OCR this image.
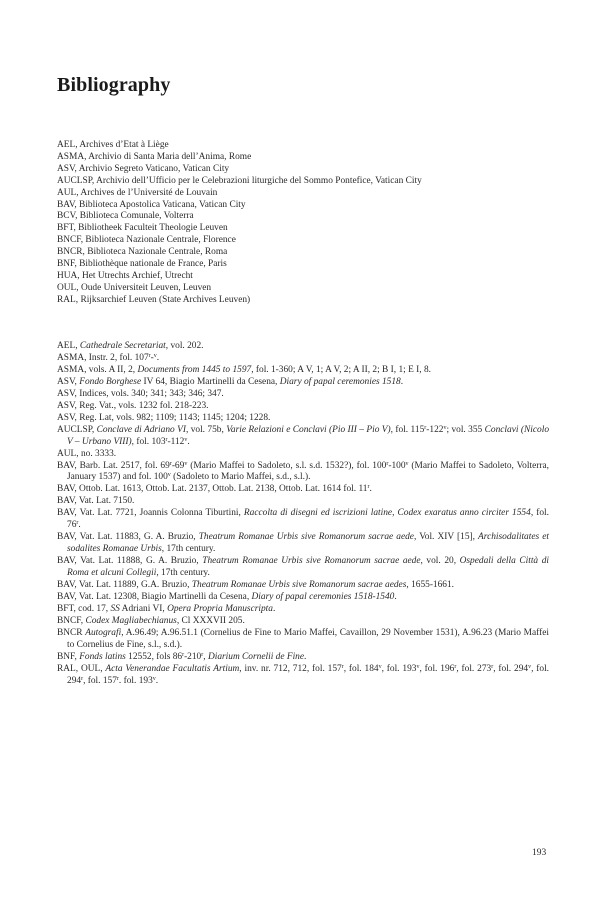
Bibliography
AEL, Archives d’Etat à Liège
ASMA, Archivio di Santa Maria dell’Anima, Rome
ASV, Archivio Segreto Vaticano, Vatican City
AUCLSP, Archivio dell’Ufficio per le Celebrazioni liturgiche del Sommo Pontefice, Vatican City
AUL, Archives de l’Université de Louvain
BAV, Biblioteca Apostolica Vaticana, Vatican City
BCV, Biblioteca Comunale, Volterra
BFT, Bibliotheek Faculteit Theologie Leuven
BNCF, Biblioteca Nazionale Centrale, Florence
BNCR, Biblioteca Nazionale Centrale, Roma
BNF, Bibliothèque nationale de France, Paris
HUA, Het Utrechts Archief, Utrecht
OUL, Oude Universiteit Leuven, Leuven
RAL, Rijksarchief Leuven (State Archives Leuven)
AEL, Cathedrale Secretariat, vol. 202.
ASMA, Instr. 2, fol. 107$^r$-$^v$.
ASMA, vols. A II, 2, Documents from 1445 to 1597, fol. 1-360; A V, 1; A V, 2; A II, 2; B I, 1; E I, 8.
ASV, Fondo Borghese IV 64, Biagio Martinelli da Cesena, Diary of papal ceremonies 1518.
ASV, Indices, vols. 340; 341; 343; 346; 347.
ASV, Reg. Vat., vols. 1232 fol. 218-223.
ASV, Reg. Lat, vols. 982; 1109; 1143; 1145; 1204; 1228.
AUCLSP, Conclave di Adriano VI, vol. 75b, Varie Relazioni e Conclavi (Pio III – Pio V), fol. 115$^r$-122$^v$; vol. 355 Conclavi (Nicolo V – Urbano VIII), fol. 103$^r$-112$^v$.
AUL, no. 3333.
BAV, Barb. Lat. 2517, fol. 69$^r$-69$^v$ (Mario Maffei to Sadoleto, s.l. s.d. 1532?), fol. 100$^r$-100$^v$ (Mario Maffei to Sadoleto, Volterra, January 1537) and fol. 100$^v$ (Sadoleto to Mario Maffei, s.d., s.l.).
BAV, Ottob. Lat. 1613, Ottob. Lat. 2137, Ottob. Lat. 2138, Ottob. Lat. 1614 fol. 11$^r$.
BAV, Vat. Lat. 7150.
BAV, Vat. Lat. 7721, Joannis Colonna Tiburtini, Raccolta di disegni ed iscrizioni latine, Codex exaratus anno circiter 1554, fol. 76$^r$.
BAV, Vat. Lat. 11883, G. A. Bruzio, Theatrum Romanae Urbis sive Romanorum sacrae aede, Vol. XIV [15], Archisodalitates et sodalites Romanae Urbis, 17th century.
BAV, Vat. Lat. 11888, G. A. Bruzio, Theatrum Romanae Urbis sive Romanorum sacrae aede, vol. 20, Ospedali della Città di Roma et alcuni Collegii, 17th century.
BAV, Vat. Lat. 11889, G.A. Bruzio, Theatrum Romanae Urbis sive Romanorum sacrae aedes, 1655-1661.
BAV, Vat. Lat. 12308, Biagio Martinelli da Cesena, Diary of papal ceremonies 1518-1540.
BFT, cod. 17, SS Adriani VI, Opera Propria Manuscripta.
BNCF, Codex Magliabechianus, Cl XXXVII 205.
BNCR Autografi, A.96.49; A.96.51.1 (Cornelius de Fine to Mario Maffei, Cavaillon, 29 November 1531), A.96.23 (Mario Maffei to Cornelius de Fine, s.l., s.d.).
BNF, Fonds latins 12552, fols 86$^r$-210$^r$, Diarium Cornelii de Fine.
RAL, OUL, Acta Venerandae Facultatis Artium, inv. nr. 712, 712, fol. 157$^r$, fol. 184$^v$, fol. 193$^v$, fol. 196$^r$, fol. 273$^r$, fol. 294$^v$, fol. 294$^r$, fol. 157$^r$. fol. 193$^v$.
193
